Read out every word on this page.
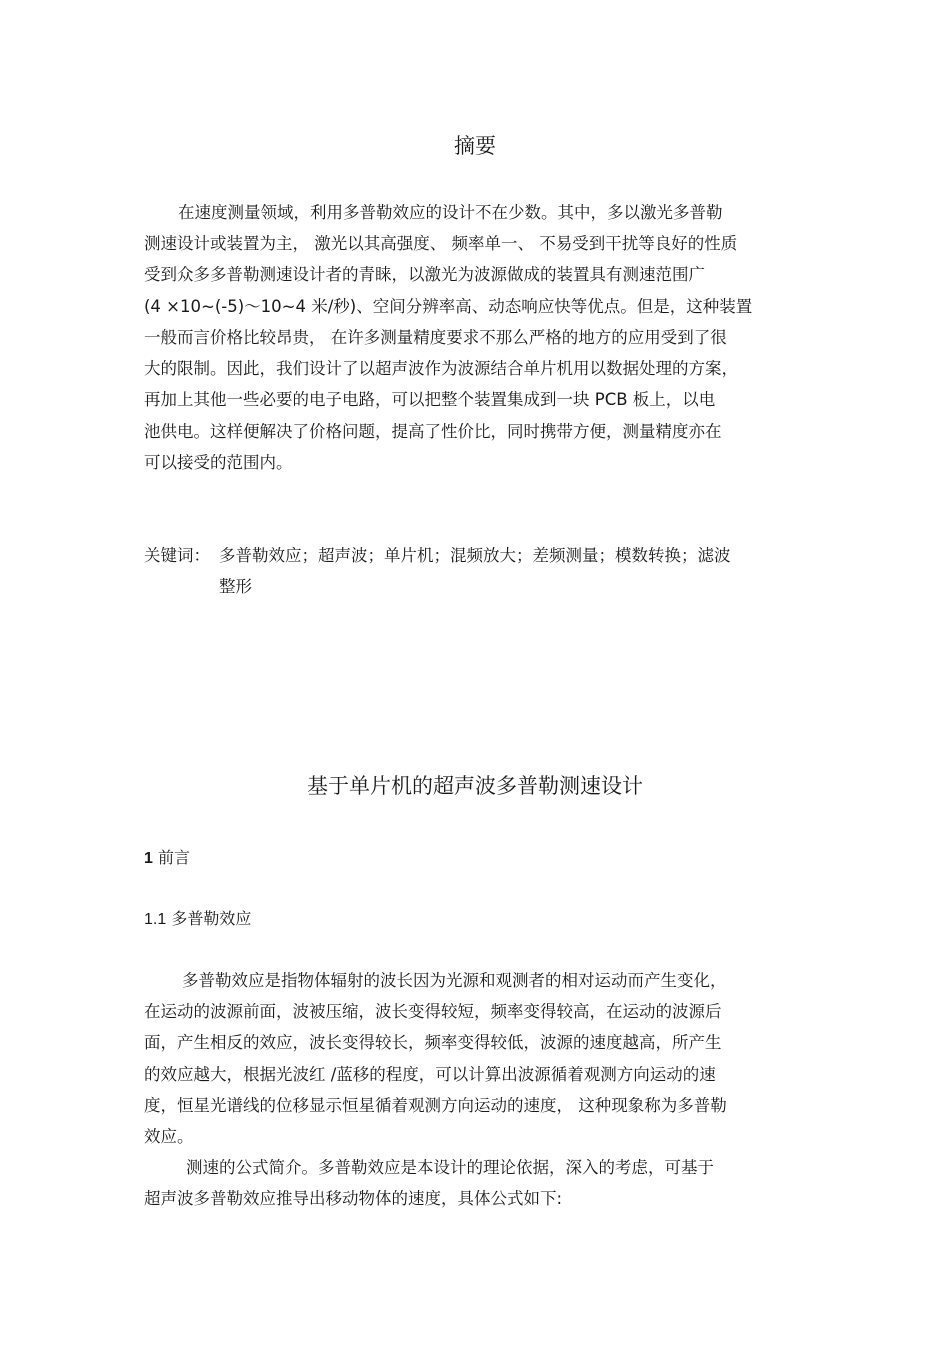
摘要
在速度测量领域，利用多普勒效应的设计不在少数。其中，多以激光多普勒
测速设计或装置为主， 激光以其高强度、 频率单一、 不易受到干扰等良好的性质
受到众多多普勒测速设计者的青睐，以激光为波源做成的装置具有测速范围广
(4 ×10~(-5)～10~4 米/秒)、空间分辨率高、动态响应快等优点。但是，这种装置
一般而言价格比较昂贵， 在许多测量精度要求不那么严格的地方的应用受到了很
大的限制。因此，我们设计了以超声波作为波源结合单片机用以数据处理的方案，
再加上其他一些必要的电子电路，可以把整个装置集成到一块 PCB 板上，以电
池供电。这样便解决了价格问题，提高了性价比，同时携带方便，测量精度亦在
可以接受的范围内。
关键词： 多普勒效应；超声波；单片机；混频放大；差频测量；模数转换；滤波
整形
基于单片机的超声波多普勒测速设计
1 前言
1.1 多普勒效应
多普勒效应是指物体辐射的波长因为光源和观测者的相对运动而产生变化，
在运动的波源前面，波被压缩，波长变得较短，频率变得较高，在运动的波源后
面，产生相反的效应，波长变得较长，频率变得较低，波源的速度越高，所产生
的效应越大，根据光波红 /蓝移的程度，可以计算出波源循着观测方向运动的速
度，恒星光谱线的位移显示恒星循着观测方向运动的速度， 这种现象称为多普勒
效应。
测速的公式简介。多普勒效应是本设计的理论依据，深入的考虑，可基于
超声波多普勒效应推导出移动物体的速度，具体公式如下:
